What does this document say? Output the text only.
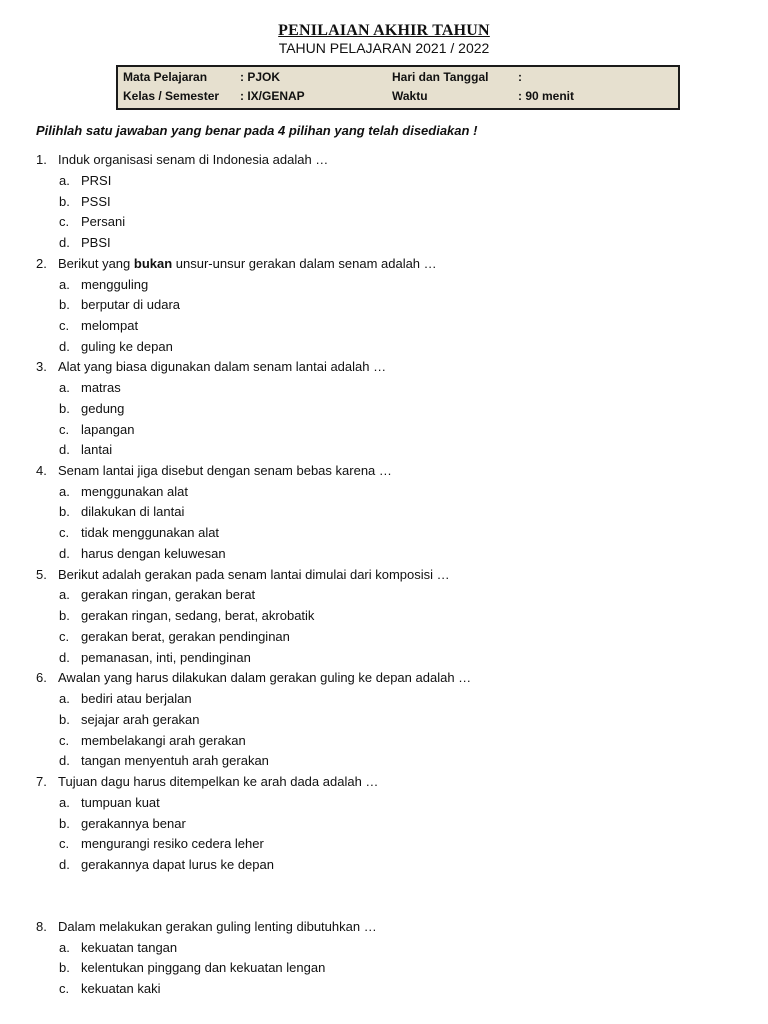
PENILAIAN AKHIR TAHUN
TAHUN PELAJARAN 2021 / 2022
Mata Pelajaran	: PJOK	Hari dan Tanggal :
Kelas / Semester : IX/GENAP	Waktu	: 90 menit
Pilihlah satu jawaban yang benar pada 4 pilihan yang telah disediakan !
1. Induk organisasi senam di Indonesia adalah …
a. PRSI
b. PSSI
c. Persani
d. PBSI
2. Berikut yang bukan unsur-unsur gerakan dalam senam adalah …
a. mengguling
b. berputar di udara
c. melompat
d. guling ke depan
3. Alat yang biasa digunakan dalam senam lantai adalah …
a. matras
b. gedung
c. lapangan
d. lantai
4. Senam lantai jiga disebut dengan senam bebas karena …
a. menggunakan alat
b. dilakukan di lantai
c. tidak menggunakan alat
d. harus dengan keluwesan
5. Berikut adalah gerakan pada senam lantai dimulai dari komposisi …
a. gerakan ringan, gerakan berat
b. gerakan ringan, sedang, berat, akrobatik
c. gerakan berat, gerakan pendinginan
d. pemanasan, inti, pendinginan
6. Awalan yang harus dilakukan dalam gerakan guling ke depan adalah …
a. bediri atau berjalan
b. sejajar arah gerakan
c. membelakangi arah gerakan
d. tangan menyentuh arah gerakan
7. Tujuan dagu harus ditempelkan ke arah dada adalah …
a. tumpuan kuat
b. gerakannya benar
c. mengurangi resiko cedera leher
d. gerakannya dapat lurus ke depan
8. Dalam melakukan gerakan guling lenting dibutuhkan …
a. kekuatan tangan
b. kelentukan pinggang dan kekuatan lengan
c. kekuatan kaki
